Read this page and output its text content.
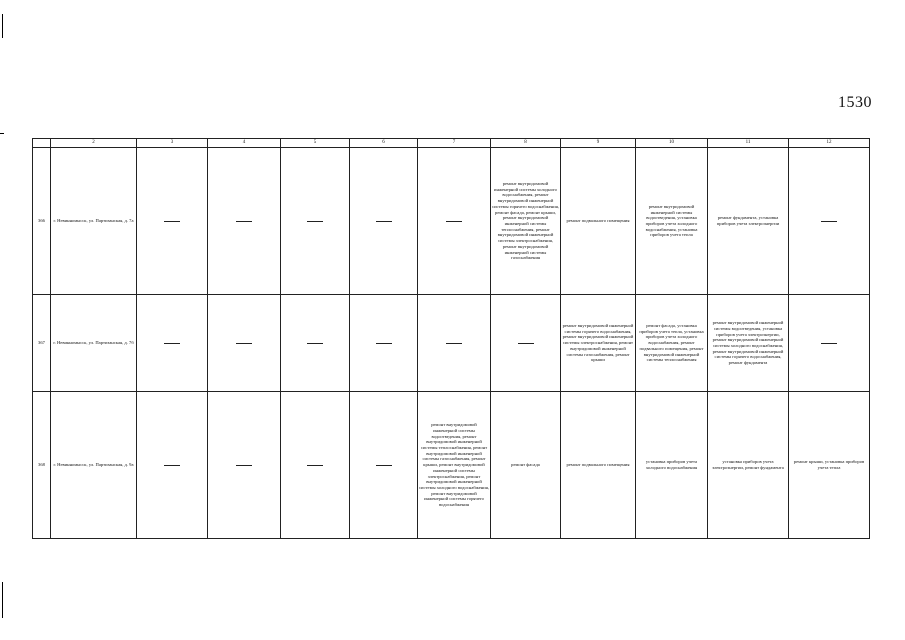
1530
	2	3	4	5	6	7	8	9	10	11	12
366	г. Невинномысск, ул. Партизанская, д. 7а						ремонт внутридомовой инженерной системы холодного водоснабжения, ремонт внутридомовой инженерной системы горячего водоснабжения, ремонт фасада, ремонт крыши, ремонт внутридомовой инженерной системы теплоснабжения, ремонт внутридомовой инженерной системы электроснабжения, ремонт внутридомовой инженерной системы газоснабжения	ремонт подвального помещения	ремонт внутридомовой инженерной системы водоотведения, установка приборов учета холодного водоснабжения, установка приборов учета тепла	ремонт фундамента, установка приборов учета электроэнергии	
367	г. Невинномысск, ул. Партизанская, д. 7б							ремонт внутридомовой инженерной системы горячего водоснабжения, ремонт внутридомовой инженерной системы электроснабжения, ремонт внутридомовой инженерной системы газоснабжения, ремонт крыши	ремонт фасада, установка приборов учета тепла, установка приборов учета холодного водоснабжения, ремонт подвального помещения, ремонт внутридомовой инженерной системы теплоснабжения	ремонт внутридомовой инженерной системы водоотведения, установка приборов учета электроэнергии, ремонт внутридомовой инженерной системы холодного водоснабжения, ремонт внутридомовой инженерной системы горячего водоснабжения, ремонт фундамента	
368	г. Невинномысск, ул. Партизанская, д. 9а					ремонт внутридомовой инженерной системы водоотведения, ремонт внутридомовой инженерной системы теплоснабжения, ремонт внутридомовой инженерной системы газоснабжения, ремонт крыши, ремонт внутридомовой инженерной системы электроснабжения, ремонт внутридомовой инженерной системы холодного водоснабжения, ремонт внутридомовой инженерной системы горячего водоснабжения	ремонт фасада	ремонт подвального помещения	установка приборов учета холодного водоснабжения	установка приборов учета электроэнергии, ремонт фундамента	ремонт крыши, установка приборов учета тепла
